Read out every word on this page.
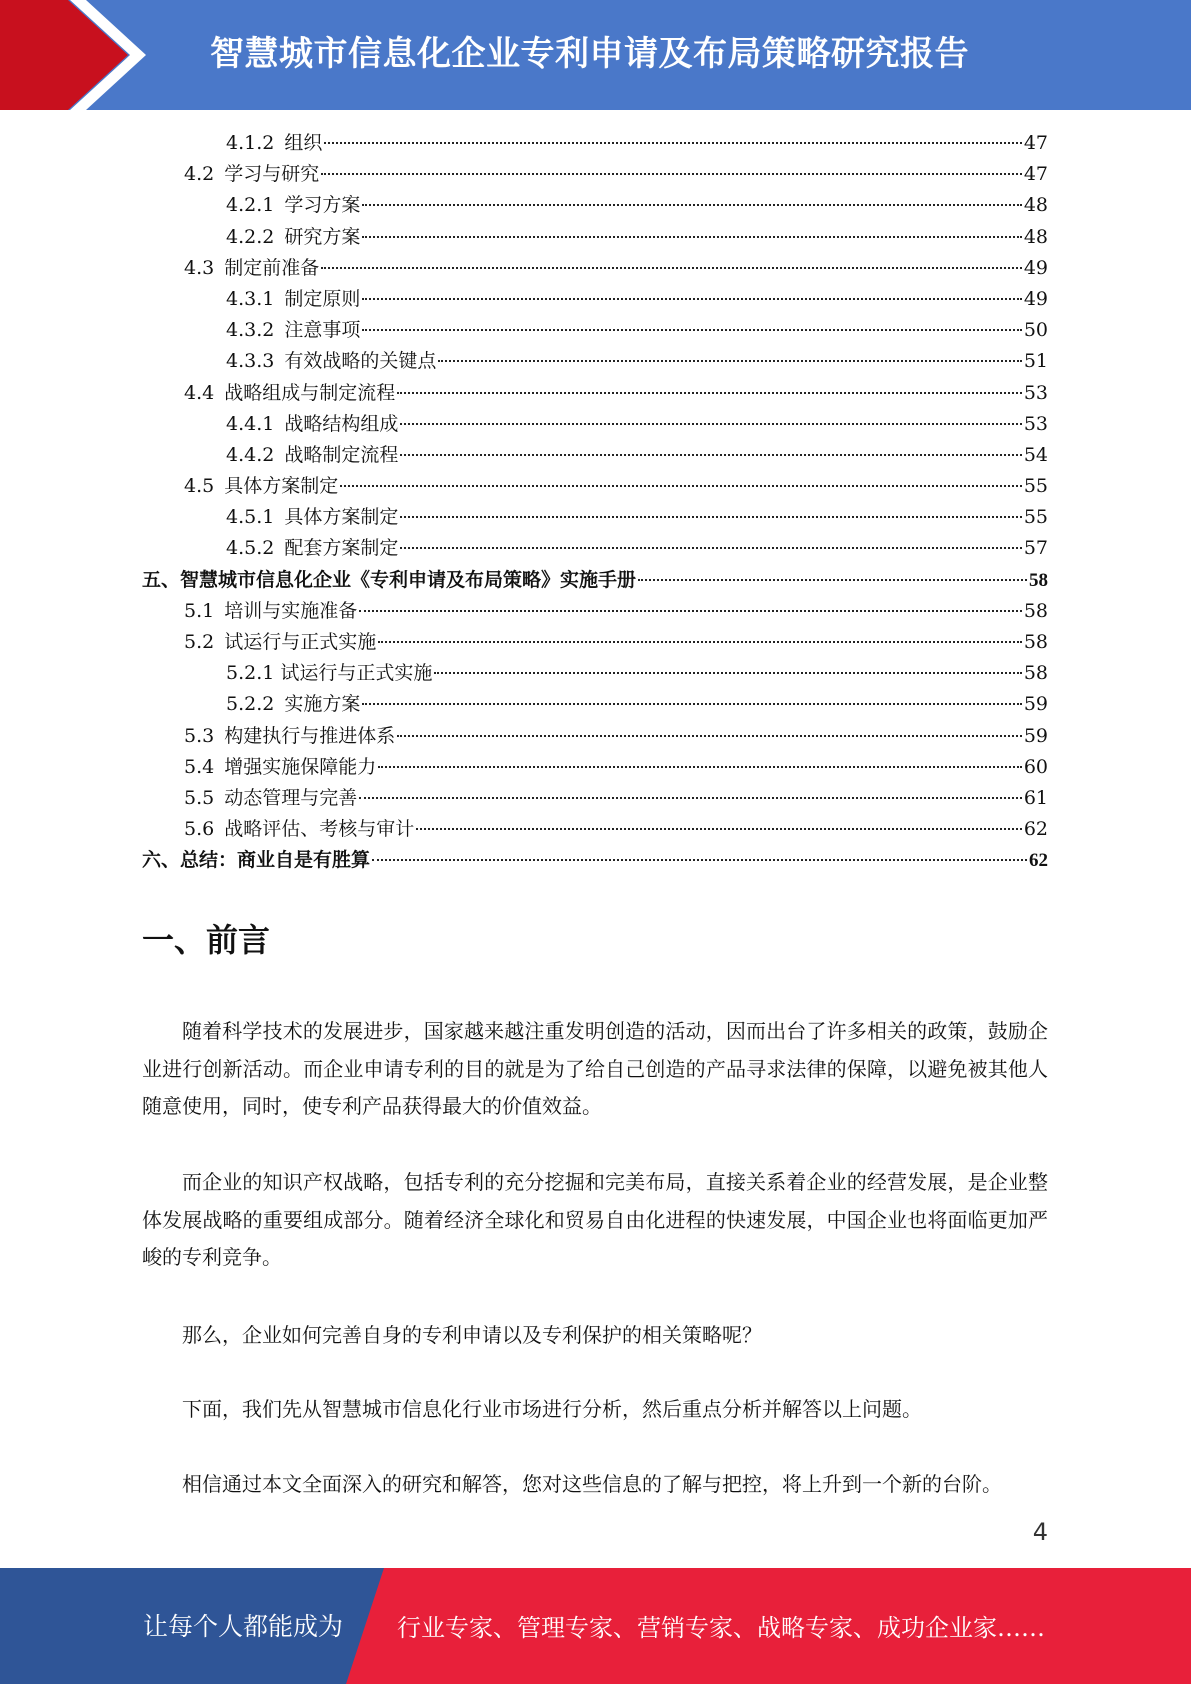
智慧城市信息化企业专利申请及布局策略研究报告
4.1.2 组织	47
4.2 学习与研究	47
4.2.1 学习方案	48
4.2.2 研究方案	48
4.3 制定前准备	49
4.3.1 制定原则	49
4.3.2 注意事项	50
4.3.3 有效战略的关键点	51
4.4 战略组成与制定流程	53
4.4.1 战略结构组成	53
4.4.2 战略制定流程	54
4.5 具体方案制定	55
4.5.1 具体方案制定	55
4.5.2 配套方案制定	57
五、智慧城市信息化企业《专利申请及布局策略》实施手册	58
5.1 培训与实施准备	58
5.2 试运行与正式实施	58
5.2.1 试运行与正式实施	58
5.2.2 实施方案	59
5.3 构建执行与推进体系	59
5.4 增强实施保障能力	60
5.5 动态管理与完善	61
5.6 战略评估、考核与审计	62
六、总结：商业自是有胜算	62
一、前言

随着科学技术的发展进步，国家越来越注重发明创造的活动，因而出台了许多相关的政策，鼓励企业进行创新活动。而企业申请专利的目的就是为了给自己创造的产品寻求法律的保障，以避免被其他人随意使用，同时，使专利产品获得最大的价值效益。

而企业的知识产权战略，包括专利的充分挖掘和完美布局，直接关系着企业的经营发展，是企业整体发展战略的重要组成部分。随着经济全球化和贸易自由化进程的快速发展，中国企业也将面临更加严峻的专利竞争。

那么，企业如何完善自身的专利申请以及专利保护的相关策略呢？

下面，我们先从智慧城市信息化行业市场进行分析，然后重点分析并解答以上问题。

相信通过本文全面深入的研究和解答，您对这些信息的了解与把控，将上升到一个新的台阶。

4
让每个人都能成为 行业专家、管理专家、营销专家、战略专家、成功企业家……
